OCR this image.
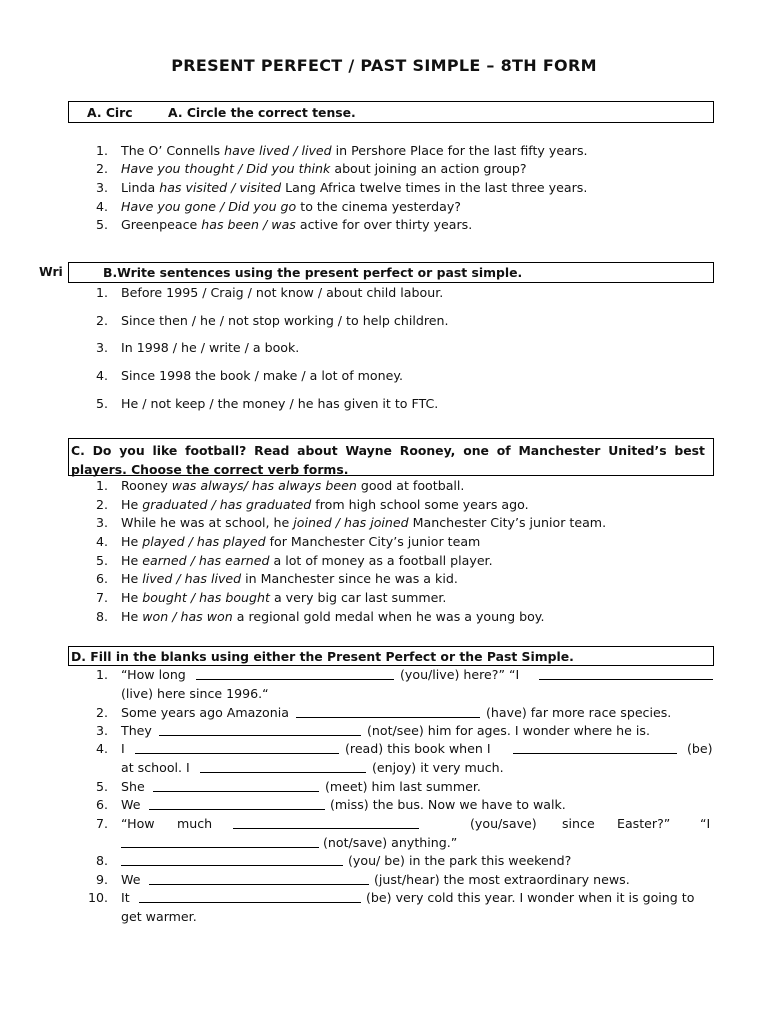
PRESENT PERFECT / PAST SIMPLE – 8TH FORM
A. Circ	A. Circle the correct tense.
1. The O’ Connells have lived / lived in Pershore Place for the last fifty years.
2. Have you thought / Did you think about joining an action group?
3. Linda has visited / visited Lang Africa twelve times in the last three years.
4. Have you gone / Did you go to the cinema yesterday?
5. Greenpeace has been / was active for over thirty years.
Wri	B.Write sentences using the present perfect or past simple.
1. Before 1995 / Craig / not know / about child labour.
2. Since then / he / not stop working / to help children.
3. In 1998 / he / write / a book.
4. Since 1998 the book / make / a lot of money.
5. He / not keep / the money / he has given it to FTC.
C. Do you like football? Read about Wayne Rooney, one of Manchester United’s best players. Choose the correct verb forms.
1. Rooney was always/ has always been good at football.
2. He graduated / has graduated from high school some years ago.
3. While he was at school, he joined / has joined Manchester City’s junior team.
4. He played / has played for Manchester City’s junior team
5. He earned / has earned a lot of money as a football player.
6. He lived / has lived in Manchester since he was a kid.
7. He bought / has bought a very big car last summer.
8. He won / has won a regional gold medal when he was a young boy.
D. Fill in the blanks using either the Present Perfect or the Past Simple.
1.
2.
3.
4.
5.
6.
7.
8.
9.
10.
“How long	(you/live) here?” “I
(live) here since 1996.“
Some years ago Amazonia	(have) far more race species.
They	(not/see) him for ages. I wonder where he is.
I	(read) this book when I	(be)
at school. I	(enjoy) it very much.
She	(meet) him last summer.
We	(miss) the bus. Now we have to walk.
“How much	(you/save) since Easter?” “I
(not/save) anything.”
(you/ be) in the park this weekend?
We	(just/hear) the most extraordinary news.
It	(be) very cold this year. I wonder when it is going to
get warmer.
